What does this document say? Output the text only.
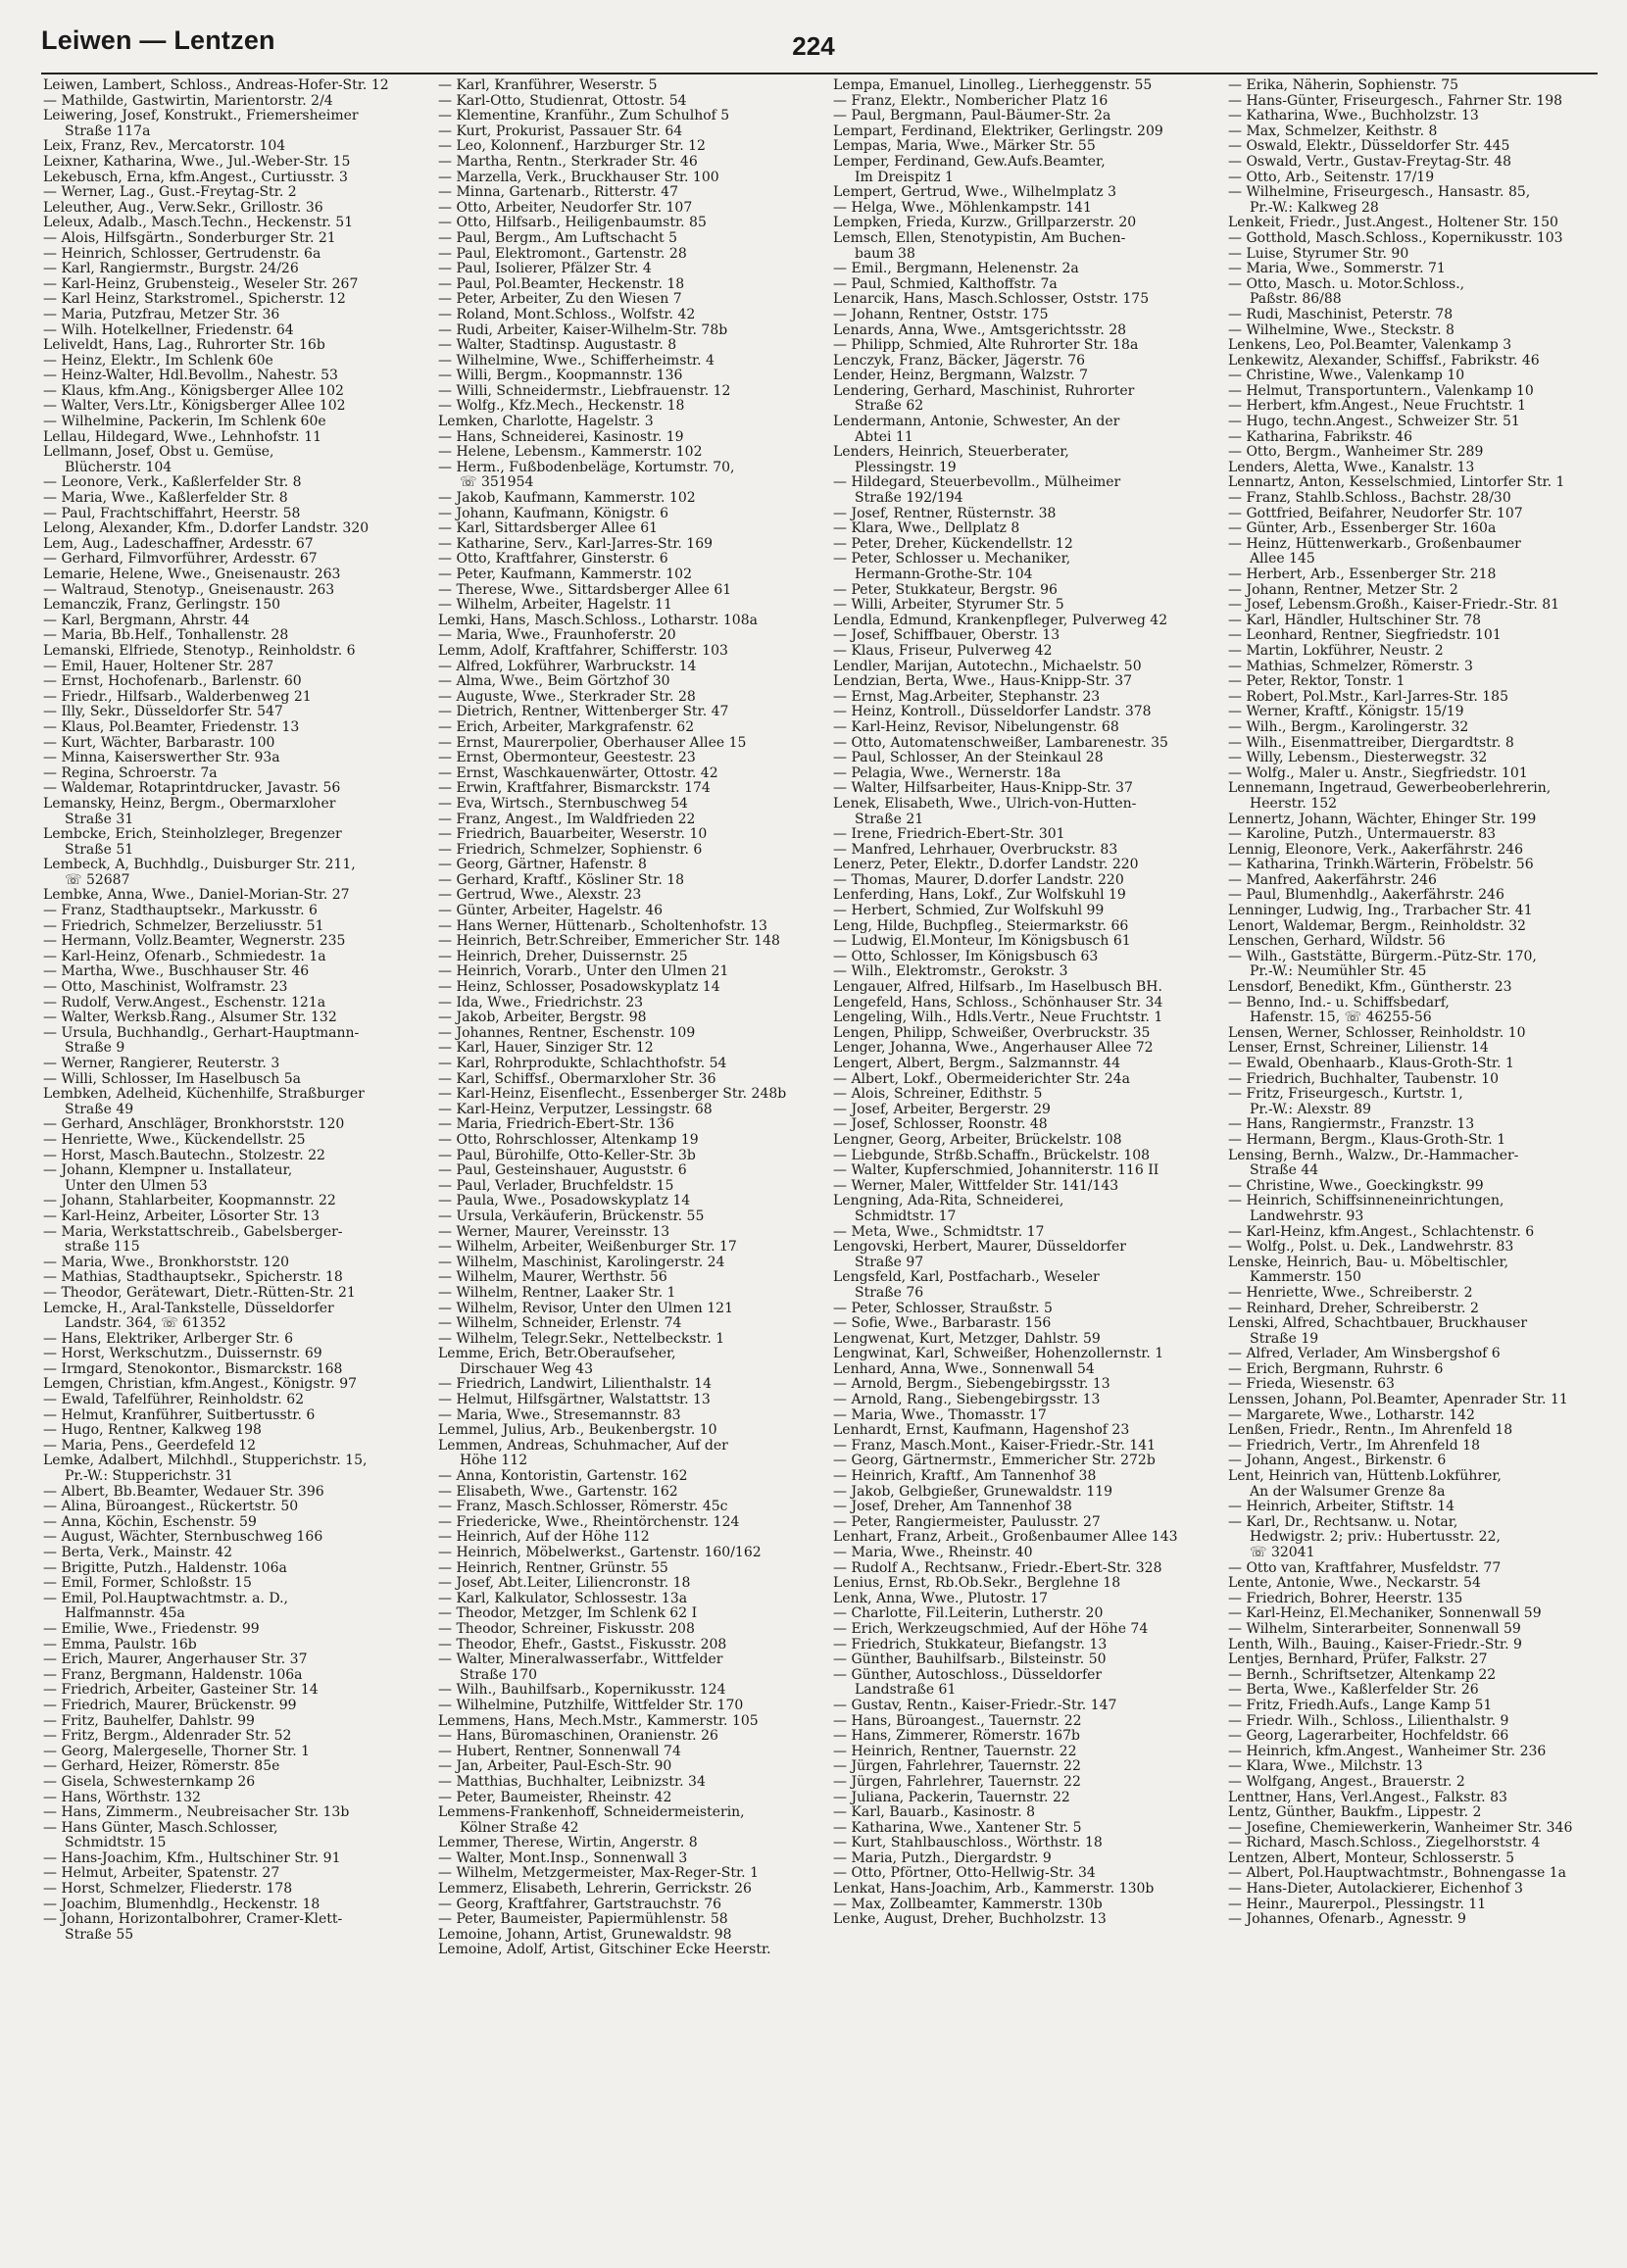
Leiwen — Lentzen	224
Leiwen, Lambert, Schloss., Andreas-Hofer-Str. 12
— Mathilde, Gastwirtin, Marientorstr. 2/4
Leiwering, Josef, Konstrukt., Friemersheimer
Straße 117a
Leix, Franz, Rev., Mercatorstr. 104
Leixner, Katharina, Wwe., Jul.-Weber-Str. 15
Lekebusch, Erna, kfm.Angest., Curtiusstr. 3
— Werner, Lag., Gust.-Freytag-Str. 2
Leleuther, Aug., Verw.Sekr., Grillostr. 36
Leleux, Adalb., Masch.Techn., Heckenstr. 51
— Alois, Hilfsgärtn., Sonderburger Str. 21
— Heinrich, Schlosser, Gertrudenstr. 6a
— Karl, Rangiermstr., Burgstr. 24/26
— Karl-Heinz, Grubensteig., Weseler Str. 267
— Karl Heinz, Starkstromel., Spicherstr. 12
— Maria, Putzfrau, Metzer Str. 36
— Wilh. Hotelkellner, Friedenstr. 64
Leliveldt, Hans, Lag., Ruhrorter Str. 16b
— Heinz, Elektr., Im Schlenk 60e
— Heinz-Walter, Hdl.Bevollm., Nahestr. 53
— Klaus, kfm.Ang., Königsberger Allee 102
— Walter, Vers.Ltr., Königsberger Allee 102
— Wilhelmine, Packerin, Im Schlenk 60e
Lellau, Hildegard, Wwe., Lehnhofstr. 11
Lellmann, Josef, Obst u. Gemüse,
Blücherstr. 104
— Leonore, Verk., Kaßlerfelder Str. 8
— Maria, Wwe., Kaßlerfelder Str. 8
— Paul, Frachtschiffahrt, Heerstr. 58
Lelong, Alexander, Kfm., D.dorfer Landstr. 320
Lem, Aug., Ladeschaffner, Ardesstr. 67
— Gerhard, Filmvorführer, Ardesstr. 67
Lemarie, Helene, Wwe., Gneisenaustr. 263
— Waltraud, Stenotyp., Gneisenaustr. 263
Lemanczik, Franz, Gerlingstr. 150
— Karl, Bergmann, Ahrstr. 44
— Maria, Bb.Helf., Tonhallenstr. 28
Lemanski, Elfriede, Stenotyp., Reinholdstr. 6
— Emil, Hauer, Holtener Str. 287
— Ernst, Hochofenarb., Barlenstr. 60
— Friedr., Hilfsarb., Walderbenweg 21
— Illy, Sekr., Düsseldorfer Str. 547
— Klaus, Pol.Beamter, Friedenstr. 13
— Kurt, Wächter, Barbarastr. 100
— Minna, Kaiserswerther Str. 93a
— Regina, Schroerstr. 7a
— Waldemar, Rotaprintdrucker, Javastr. 56
Lemansky, Heinz, Bergm., Obermarxloher
Straße 31
Lembcke, Erich, Steinholzleger, Bregenzer
Straße 51
Lembeck, A, Buchhdlg., Duisburger Str. 211,
☏ 52687
Lembke, Anna, Wwe., Daniel-Morian-Str. 27
— Franz, Stadthauptsekr., Markusstr. 6
— Friedrich, Schmelzer, Berzeliusstr. 51
— Hermann, Vollz.Beamter, Wegnerstr. 235
— Karl-Heinz, Ofenarb., Schmiedestr. 1a
— Martha, Wwe., Buschhauser Str. 46
— Otto, Maschinist, Wolframstr. 23
— Rudolf, Verw.Angest., Eschenstr. 121a
— Walter, Werksb.Rang., Alsumer Str. 132
— Ursula, Buchhandlg., Gerhart-Hauptmann-
Straße 9
— Werner, Rangierer, Reuterstr. 3
— Willi, Schlosser, Im Haselbusch 5a
Lembken, Adelheid, Küchenhilfe, Straßburger
Straße 49
— Gerhard, Anschläger, Bronkhorststr. 120
— Henriette, Wwe., Kückendellstr. 25
— Horst, Masch.Bautechn., Stolzestr. 22
— Johann, Klempner u. Installateur,
Unter den Ulmen 53
— Johann, Stahlarbeiter, Koopmannstr. 22
— Karl-Heinz, Arbeiter, Lösorter Str. 13
— Maria, Werkstattschreib., Gabelsberger-
straße 115
— Maria, Wwe., Bronkhorststr. 120
— Mathias, Stadthauptsekr., Spicherstr. 18
— Theodor, Gerätewart, Dietr.-Rütten-Str. 21
Lemcke, H., Aral-Tankstelle, Düsseldorfer
Landstr. 364, ☏ 61352
— Hans, Elektriker, Arlberger Str. 6
— Horst, Werkschutzm., Duissernstr. 69
— Irmgard, Stenokontor., Bismarckstr. 168
Lemgen, Christian, kfm.Angest., Königstr. 97
— Ewald, Tafelführer, Reinholdstr. 62
— Helmut, Kranführer, Suitbertusstr. 6
— Hugo, Rentner, Kalkweg 198
— Maria, Pens., Geerdefeld 12
Lemke, Adalbert, Milchhdl., Stupperichstr. 15,
Pr.-W.: Stupperichstr. 31
— Albert, Bb.Beamter, Wedauer Str. 396
— Alina, Büroangest., Rückertstr. 50
— Anna, Köchin, Eschenstr. 59
— August, Wächter, Sternbuschweg 166
— Berta, Verk., Mainstr. 42
— Brigitte, Putzh., Haldenstr. 106a
— Emil, Former, Schloßstr. 15
— Emil, Pol.Hauptwachtmstr. a. D.,
Halfmannstr. 45a
— Emilie, Wwe., Friedenstr. 99
— Emma, Paulstr. 16b
— Erich, Maurer, Angerhauser Str. 37
— Franz, Bergmann, Haldenstr. 106a
— Friedrich, Arbeiter, Gasteiner Str. 14
— Friedrich, Maurer, Brückenstr. 99
— Fritz, Bauhelfer, Dahlstr. 99
— Fritz, Bergm., Aldenrader Str. 52
— Georg, Malergeselle, Thorner Str. 1
— Gerhard, Heizer, Römerstr. 85e
— Gisela, Schwesternkamp 26
— Hans, Wörthstr. 132
— Hans, Zimmerm., Neubreisacher Str. 13b
— Hans Günter, Masch.Schlosser,
Schmidtstr. 15
— Hans-Joachim, Kfm., Hultschiner Str. 91
— Helmut, Arbeiter, Spatenstr. 27
— Horst, Schmelzer, Fliederstr. 178
— Joachim, Blumenhdlg., Heckenstr. 18
— Johann, Horizontalbohrer, Cramer-Klett-
Straße 55
— Karl, Kranführer, Weserstr. 5
— Karl-Otto, Studienrat, Ottostr. 54
— Klementine, Kranführ., Zum Schulhof 5
— Kurt, Prokurist, Passauer Str. 64
— Leo, Kolonnenf., Harzburger Str. 12
— Martha, Rentn., Sterkrader Str. 46
— Marzella, Verk., Bruckhauser Str. 100
— Minna, Gartenarb., Ritterstr. 47
— Otto, Arbeiter, Neudorfer Str. 107
— Otto, Hilfsarb., Heiligenbaumstr. 85
— Paul, Bergm., Am Luftschacht 5
— Paul, Elektromont., Gartenstr. 28
— Paul, Isolierer, Pfälzer Str. 4
— Paul, Pol.Beamter, Heckenstr. 18
— Peter, Arbeiter, Zu den Wiesen 7
— Roland, Mont.Schloss., Wolfstr. 42
— Rudi, Arbeiter, Kaiser-Wilhelm-Str. 78b
— Walter, Stadtinsp. Augustastr. 8
— Wilhelmine, Wwe., Schifferheimstr. 4
— Willi, Bergm., Koopmannstr. 136
— Willi, Schneidermstr., Liebfrauenstr. 12
— Wolfg., Kfz.Mech., Heckenstr. 18
Lemken, Charlotte, Hagelstr. 3
— Hans, Schneiderei, Kasinostr. 19
— Helene, Lebensm., Kammerstr. 102
— Herm., Fußbodenbeläge, Kortumstr. 70,
☏ 351954
— Jakob, Kaufmann, Kammerstr. 102
— Johann, Kaufmann, Königstr. 6
— Karl, Sittardsberger Allee 61
— Katharine, Serv., Karl-Jarres-Str. 169
— Otto, Kraftfahrer, Ginsterstr. 6
— Peter, Kaufmann, Kammerstr. 102
— Therese, Wwe., Sittardsberger Allee 61
— Wilhelm, Arbeiter, Hagelstr. 11
Lemki, Hans, Masch.Schloss., Lotharstr. 108a
— Maria, Wwe., Fraunhoferstr. 20
Lemm, Adolf, Kraftfahrer, Schifferstr. 103
— Alfred, Lokführer, Warbruckstr. 14
— Alma, Wwe., Beim Görtzhof 30
— Auguste, Wwe., Sterkrader Str. 28
— Dietrich, Rentner, Wittenberger Str. 47
— Erich, Arbeiter, Markgrafenstr. 62
— Ernst, Maurerpolier, Oberhauser Allee 15
— Ernst, Obermonteur, Geestestr. 23
— Ernst, Waschkauenwärter, Ottostr. 42
— Erwin, Kraftfahrer, Bismarckstr. 174
— Eva, Wirtsch., Sternbuschweg 54
— Franz, Angest., Im Waldfrieden 22
— Friedrich, Bauarbeiter, Weserstr. 10
— Friedrich, Schmelzer, Sophienstr. 6
— Georg, Gärtner, Hafenstr. 8
— Gerhard, Kraftf., Kösliner Str. 18
— Gertrud, Wwe., Alexstr. 23
— Günter, Arbeiter, Hagelstr. 46
— Hans Werner, Hüttenarb., Scholtenhofstr. 13
— Heinrich, Betr.Schreiber, Emmericher Str. 148
— Heinrich, Dreher, Duissernstr. 25
— Heinrich, Vorarb., Unter den Ulmen 21
— Heinz, Schlosser, Posadowskyplatz 14
— Ida, Wwe., Friedrichstr. 23
— Jakob, Arbeiter, Bergstr. 98
— Johannes, Rentner, Eschenstr. 109
— Karl, Hauer, Sinziger Str. 12
— Karl, Rohrprodukte, Schlachthofstr. 54
— Karl, Schiffsf., Obermarxloher Str. 36
— Karl-Heinz, Eisenflecht., Essenberger Str. 248b
— Karl-Heinz, Verputzer, Lessingstr. 68
— Maria, Friedrich-Ebert-Str. 136
— Otto, Rohrschlosser, Altenkamp 19
— Paul, Bürohilfe, Otto-Keller-Str. 3b
— Paul, Gesteinshauer, Auguststr. 6
— Paul, Verlader, Bruchfeldstr. 15
— Paula, Wwe., Posadowskyplatz 14
— Ursula, Verkäuferin, Brückenstr. 55
— Werner, Maurer, Vereinsstr. 13
— Wilhelm, Arbeiter, Weißenburger Str. 17
— Wilhelm, Maschinist, Karolingerstr. 24
— Wilhelm, Maurer, Werthstr. 56
— Wilhelm, Rentner, Laaker Str. 1
— Wilhelm, Revisor, Unter den Ulmen 121
— Wilhelm, Schneider, Erlenstr. 74
— Wilhelm, Telegr.Sekr., Nettelbeckstr. 1
Lemme, Erich, Betr.Oberaufseher,
Dirschauer Weg 43
— Friedrich, Landwirt, Lilienthalstr. 14
— Helmut, Hilfsgärtner, Walstattstr. 13
— Maria, Wwe., Stresemannstr. 83
Lemmel, Julius, Arb., Beukenbergstr. 10
Lemmen, Andreas, Schuhmacher, Auf der
Höhe 112
— Anna, Kontoristin, Gartenstr. 162
— Elisabeth, Wwe., Gartenstr. 162
— Franz, Masch.Schlosser, Römerstr. 45c
— Friedericke, Wwe., Rheintörchenstr. 124
— Heinrich, Auf der Höhe 112
— Heinrich, Möbelwerkst., Gartenstr. 160/162
— Heinrich, Rentner, Grünstr. 55
— Josef, Abt.Leiter, Liliencronstr. 18
— Karl, Kalkulator, Schlossestr. 13a
— Theodor, Metzger, Im Schlenk 62 I
— Theodor, Schreiner, Fiskusstr. 208
— Theodor, Ehefr., Gastst., Fiskusstr. 208
— Walter, Mineralwasserfabr., Wittfelder
Straße 170
— Wilh., Bauhilfsarb., Kopernikusstr. 124
— Wilhelmine, Putzhilfe, Wittfelder Str. 170
Lemmens, Hans, Mech.Mstr., Kammerstr. 105
— Hans, Büromaschinen, Oranienstr. 26
— Hubert, Rentner, Sonnenwall 74
— Jan, Arbeiter, Paul-Esch-Str. 90
— Matthias, Buchhalter, Leibnizstr. 34
— Peter, Baumeister, Rheinstr. 42
Lemmens-Frankenhoff, Schneidermeisterin,
Kölner Straße 42
Lemmer, Therese, Wirtin, Angerstr. 8
— Walter, Mont.Insp., Sonnenwall 3
— Wilhelm, Metzgermeister, Max-Reger-Str. 1
Lemmerz, Elisabeth, Lehrerin, Gerrickstr. 26
— Georg, Kraftfahrer, Gartstrauchstr. 76
— Peter, Baumeister, Papiermühlenstr. 58
Lemoine, Johann, Artist, Grunewaldstr. 98
Lemoine, Adolf, Artist, Gitschiner Ecke Heerstr.
Lempa, Emanuel, Linolleg., Lierheggenstr. 55
— Franz, Elektr., Nombericher Platz 16
— Paul, Bergmann, Paul-Bäumer-Str. 2a
Lempart, Ferdinand, Elektriker, Gerlingstr. 209
Lempas, Maria, Wwe., Märker Str. 55
Lemper, Ferdinand, Gew.Aufs.Beamter,
Im Dreispitz 1
Lempert, Gertrud, Wwe., Wilhelmplatz 3
— Helga, Wwe., Möhlenkampstr. 141
Lempken, Frieda, Kurzw., Grillparzerstr. 20
Lemsch, Ellen, Stenotypistin, Am Buchen-
baum 38
— Emil., Bergmann, Helenenstr. 2a
— Paul, Schmied, Kalthoffstr. 7a
Lenarcik, Hans, Masch.Schlosser, Oststr. 175
— Johann, Rentner, Oststr. 175
Lenards, Anna, Wwe., Amtsgerichtsstr. 28
— Philipp, Schmied, Alte Ruhrorter Str. 18a
Lenczyk, Franz, Bäcker, Jägerstr. 76
Lender, Heinz, Bergmann, Walzstr. 7
Lendering, Gerhard, Maschinist, Ruhrorter
Straße 62
Lendermann, Antonie, Schwester, An der
Abtei 11
Lenders, Heinrich, Steuerberater,
Plessingstr. 19
— Hildegard, Steuerbevollm., Mülheimer
Straße 192/194
— Josef, Rentner, Rüsternstr. 38
— Klara, Wwe., Dellplatz 8
— Peter, Dreher, Kückendellstr. 12
— Peter, Schlosser u. Mechaniker,
Hermann-Grothe-Str. 104
— Peter, Stukkateur, Bergstr. 96
— Willi, Arbeiter, Styrumer Str. 5
Lendla, Edmund, Krankenpfleger, Pulverweg 42
— Josef, Schiffbauer, Oberstr. 13
— Klaus, Friseur, Pulverweg 42
Lendler, Marijan, Autotechn., Michaelstr. 50
Lendzian, Berta, Wwe., Haus-Knipp-Str. 37
— Ernst, Mag.Arbeiter, Stephanstr. 23
— Heinz, Kontroll., Düsseldorfer Landstr. 378
— Karl-Heinz, Revisor, Nibelungenstr. 68
— Otto, Automatenschweißer, Lambarenestr. 35
— Paul, Schlosser, An der Steinkaul 28
— Pelagia, Wwe., Wernerstr. 18a
— Walter, Hilfsarbeiter, Haus-Knipp-Str. 37
Lenek, Elisabeth, Wwe., Ulrich-von-Hutten-
Straße 21
— Irene, Friedrich-Ebert-Str. 301
— Manfred, Lehrhauer, Overbruckstr. 83
Lenerz, Peter, Elektr., D.dorfer Landstr. 220
— Thomas, Maurer, D.dorfer Landstr. 220
Lenferding, Hans, Lokf., Zur Wolfskuhl 19
— Herbert, Schmied, Zur Wolfskuhl 99
Leng, Hilde, Buchpfleg., Steiermarkstr. 66
— Ludwig, El.Monteur, Im Königsbusch 61
— Otto, Schlosser, Im Königsbusch 63
— Wilh., Elektromstr., Gerokstr. 3
Lengauer, Alfred, Hilfsarb., Im Haselbusch BH.
Lengefeld, Hans, Schloss., Schönhauser Str. 34
Lengeling, Wilh., Hdls.Vertr., Neue Fruchtstr. 1
Lengen, Philipp, Schweißer, Overbruckstr. 35
Lenger, Johanna, Wwe., Angerhauser Allee 72
Lengert, Albert, Bergm., Salzmannstr. 44
— Albert, Lokf., Obermeiderichter Str. 24a
— Alois, Schreiner, Edithstr. 5
— Josef, Arbeiter, Bergerstr. 29
— Josef, Schlosser, Roonstr. 48
Lengner, Georg, Arbeiter, Brückelstr. 108
— Liebgunde, Strßb.Schaffn., Brückelstr. 108
— Walter, Kupferschmied, Johanniterstr. 116 II
— Werner, Maler, Wittfelder Str. 141/143
Lengning, Ada-Rita, Schneiderei,
Schmidtstr. 17
— Meta, Wwe., Schmidtstr. 17
Lengovski, Herbert, Maurer, Düsseldorfer
Straße 97
Lengsfeld, Karl, Postfacharb., Weseler
Straße 76
— Peter, Schlosser, Straußstr. 5
— Sofie, Wwe., Barbarastr. 156
Lengwenat, Kurt, Metzger, Dahlstr. 59
Lengwinat, Karl, Schweißer, Hohenzollernstr. 1
Lenhard, Anna, Wwe., Sonnenwall 54
— Arnold, Bergm., Siebengebirgsstr. 13
— Arnold, Rang., Siebengebirgsstr. 13
— Maria, Wwe., Thomasstr. 17
Lenhardt, Ernst, Kaufmann, Hagenshof 23
— Franz, Masch.Mont., Kaiser-Friedr.-Str. 141
— Georg, Gärtnermstr., Emmericher Str. 272b
— Heinrich, Kraftf., Am Tannenhof 38
— Jakob, Gelbgießer, Grunewaldstr. 119
— Josef, Dreher, Am Tannenhof 38
— Peter, Rangiermeister, Paulusstr. 27
Lenhart, Franz, Arbeit., Großenbaumer Allee 143
— Maria, Wwe., Rheinstr. 40
— Rudolf A., Rechtsanw., Friedr.-Ebert-Str. 328
Lenius, Ernst, Rb.Ob.Sekr., Berglehne 18
Lenk, Anna, Wwe., Plutostr. 17
— Charlotte, Fil.Leiterin, Lutherstr. 20
— Erich, Werkzeugschmied, Auf der Höhe 74
— Friedrich, Stukkateur, Biefangstr. 13
— Günther, Bauhilfsarb., Bilsteinstr. 50
— Günther, Autoschloss., Düsseldorfer
Landstraße 61
— Gustav, Rentn., Kaiser-Friedr.-Str. 147
— Hans, Büroangest., Tauernstr. 22
— Hans, Zimmerer, Römerstr. 167b
— Heinrich, Rentner, Tauernstr. 22
— Jürgen, Fahrlehrer, Tauernstr. 22
— Jürgen, Fahrlehrer, Tauernstr. 22
— Juliana, Packerin, Tauernstr. 22
— Karl, Bauarb., Kasinostr. 8
— Katharina, Wwe., Xantener Str. 5
— Kurt, Stahlbauschloss., Wörthstr. 18
— Maria, Putzh., Diergardstr. 9
— Otto, Pförtner, Otto-Hellwig-Str. 34
Lenkat, Hans-Joachim, Arb., Kammerstr. 130b
— Max, Zollbeamter, Kammerstr. 130b
Lenke, August, Dreher, Buchholzstr. 13
— Erika, Näherin, Sophienstr. 75
— Hans-Günter, Friseurgesch., Fahrner Str. 198
— Katharina, Wwe., Buchholzstr. 13
— Max, Schmelzer, Keithstr. 8
— Oswald, Elektr., Düsseldorfer Str. 445
— Oswald, Vertr., Gustav-Freytag-Str. 48
— Otto, Arb., Seitenstr. 17/19
— Wilhelmine, Friseurgesch., Hansastr. 85,
Pr.-W.: Kalkweg 28
Lenkeit, Friedr., Just.Angest., Holtener Str. 150
— Gotthold, Masch.Schloss., Kopernikusstr. 103
— Luise, Styrumer Str. 90
— Maria, Wwe., Sommerstr. 71
— Otto, Masch. u. Motor.Schloss.,
Paßstr. 86/88
— Rudi, Maschinist, Peterstr. 78
— Wilhelmine, Wwe., Steckstr. 8
Lenkens, Leo, Pol.Beamter, Valenkamp 3
Lenkewitz, Alexander, Schiffsf., Fabrikstr. 46
— Christine, Wwe., Valenkamp 10
— Helmut, Transportuntern., Valenkamp 10
— Herbert, kfm.Angest., Neue Fruchtstr. 1
— Hugo, techn.Angest., Schweizer Str. 51
— Katharina, Fabrikstr. 46
— Otto, Bergm., Wanheimer Str. 289
Lenders, Aletta, Wwe., Kanalstr. 13
Lennartz, Anton, Kesselschmied, Lintorfer Str. 1
— Franz, Stahlb.Schloss., Bachstr. 28/30
— Gottfried, Beifahrer, Neudorfer Str. 107
— Günter, Arb., Essenberger Str. 160a
— Heinz, Hüttenwerkarb., Großenbaumer
Allee 145
— Herbert, Arb., Essenberger Str. 218
— Johann, Rentner, Metzer Str. 2
— Josef, Lebensm.Großh., Kaiser-Friedr.-Str. 81
— Karl, Händler, Hultschiner Str. 78
— Leonhard, Rentner, Siegfriedstr. 101
— Martin, Lokführer, Neustr. 2
— Mathias, Schmelzer, Römerstr. 3
— Peter, Rektor, Tonstr. 1
— Robert, Pol.Mstr., Karl-Jarres-Str. 185
— Werner, Kraftf., Königstr. 15/19
— Wilh., Bergm., Karolingerstr. 32
— Wilh., Eisenmattreiber, Diergardtstr. 8
— Willy, Lebensm., Diesterwegstr. 32
— Wolfg., Maler u. Anstr., Siegfriedstr. 101
Lennemann, Ingetraud, Gewerbeoberlehrerin,
Heerstr. 152
Lennertz, Johann, Wächter, Ehinger Str. 199
— Karoline, Putzh., Untermauerstr. 83
Lennig, Eleonore, Verk., Aakerfährstr. 246
— Katharina, Trinkh.Wärterin, Fröbelstr. 56
— Manfred, Aakerfährstr. 246
— Paul, Blumenhdlg., Aakerfährstr. 246
Lenninger, Ludwig, Ing., Trarbacher Str. 41
Lenort, Waldemar, Bergm., Reinholdstr. 32
Lenschen, Gerhard, Wildstr. 56
— Wilh., Gaststätte, Bürgerm.-Pütz-Str. 170,
Pr.-W.: Neumühler Str. 45
Lensdorf, Benedikt, Kfm., Güntherstr. 23
— Benno, Ind.- u. Schiffsbedarf,
Hafenstr. 15, ☏ 46255-56
Lensen, Werner, Schlosser, Reinholdstr. 10
Lenser, Ernst, Schreiner, Lilienstr. 14
— Ewald, Obenhaarb., Klaus-Groth-Str. 1
— Friedrich, Buchhalter, Taubenstr. 10
— Fritz, Friseurgesch., Kurtstr. 1,
Pr.-W.: Alexstr. 89
— Hans, Rangiermstr., Franzstr. 13
— Hermann, Bergm., Klaus-Groth-Str. 1
Lensing, Bernh., Walzw., Dr.-Hammacher-
Straße 44
— Christine, Wwe., Goeckingkstr. 99
— Heinrich, Schiffsinneneinrichtungen,
Landwehrstr. 93
— Karl-Heinz, kfm.Angest., Schlachtenstr. 6
— Wolfg., Polst. u. Dek., Landwehrstr. 83
Lenske, Heinrich, Bau- u. Möbeltischler,
Kammerstr. 150
— Henriette, Wwe., Schreiberstr. 2
— Reinhard, Dreher, Schreiberstr. 2
Lenski, Alfred, Schachtbauer, Bruckhauser
Straße 19
— Alfred, Verlader, Am Winsbergshof 6
— Erich, Bergmann, Ruhrstr. 6
— Frieda, Wiesenstr. 63
Lenssen, Johann, Pol.Beamter, Apenrader Str. 11
— Margarete, Wwe., Lotharstr. 142
Lenßen, Friedr., Rentn., Im Ahrenfeld 18
— Friedrich, Vertr., Im Ahrenfeld 18
— Johann, Angest., Birkenstr. 6
Lent, Heinrich van, Hüttenb.Lokführer,
An der Walsumer Grenze 8a
— Heinrich, Arbeiter, Stiftstr. 14
— Karl, Dr., Rechtsanw. u. Notar,
Hedwigstr. 2; priv.: Hubertusstr. 22,
☏ 32041
— Otto van, Kraftfahrer, Musfeldstr. 77
Lente, Antonie, Wwe., Neckarstr. 54
— Friedrich, Bohrer, Heerstr. 135
— Karl-Heinz, El.Mechaniker, Sonnenwall 59
— Wilhelm, Sinterarbeiter, Sonnenwall 59
Lenth, Wilh., Bauing., Kaiser-Friedr.-Str. 9
Lentjes, Bernhard, Prüfer, Falkstr. 27
— Bernh., Schriftsetzer, Altenkamp 22
— Berta, Wwe., Kaßlerfelder Str. 26
— Fritz, Friedh.Aufs., Lange Kamp 51
— Friedr. Wilh., Schloss., Lilienthalstr. 9
— Georg, Lagerarbeiter, Hochfeldstr. 66
— Heinrich, kfm.Angest., Wanheimer Str. 236
— Klara, Wwe., Milchstr. 13
— Wolfgang, Angest., Brauerstr. 2
Lenttner, Hans, Verl.Angest., Falkstr. 83
Lentz, Günther, Baukfm., Lippestr. 2
— Josefine, Chemiewerkerin, Wanheimer Str. 346
— Richard, Masch.Schloss., Ziegelhorststr. 4
Lentzen, Albert, Monteur, Schlosserstr. 5
— Albert, Pol.Hauptwachtmstr., Bohnengasse 1a
— Hans-Dieter, Autolackierer, Eichenhof 3
— Heinr., Maurerpol., Plessingstr. 11
— Johannes, Ofenarb., Agnesstr. 9
